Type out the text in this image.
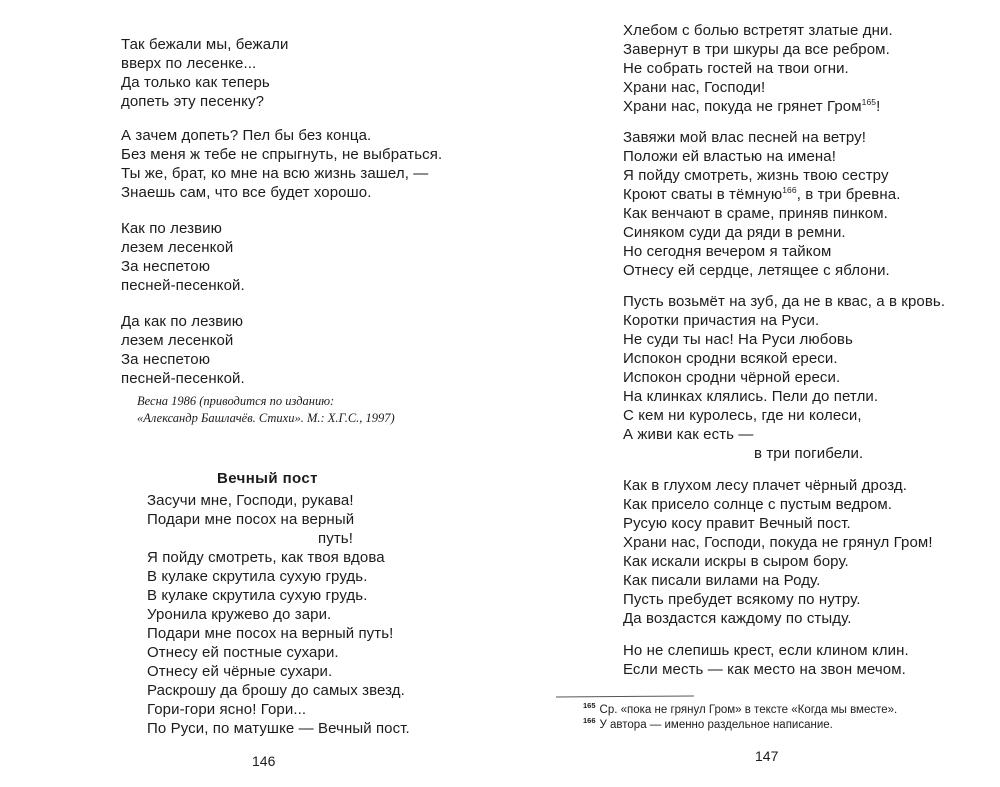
Так бежали мы, бежали
вверх по лесенке...
Да только как теперь
допеть эту песенку?
А зачем допеть? Пел бы без конца.
Без меня ж тебе не спрыгнуть, не выбраться.
Ты же, брат, ко мне на всю жизнь зашел, —
Знаешь сам, что все будет хорошо.
Как по лезвию
лезем лесенкой
За неспетою
песней-песенкой.
Да как по лезвию
лезем лесенкой
За неспетою
песней-песенкой.
Весна 1986 (приводится по изданию:
«Александр Башлачёв. Стихи». М.: Х.Г.С., 1997)
Вечный пост
Засучи мне, Господи, рукава!
Подари мне посох на верный
путь!
Я пойду смотреть, как твоя вдова
В кулаке скрутила сухую грудь.
В кулаке скрутила сухую грудь.
Уронила кружево до зари.
Подари мне посох на верный путь!
Отнесу ей постные сухари.
Отнесу ей чёрные сухари.
Раскрошу да брошу до самых звезд.
Гори-гори ясно! Гори...
По Руси, по матушке — Вечный пост.
146
Хлебом с болью встретят златые дни.
Завернут в три шкуры да все ребром.
Не собрать гостей на твои огни.
Храни нас, Господи!
Храни нас, покуда не грянет Гром$^{165}$!
Завяжи мой влас песней на ветру!
Положи ей властью на имена!
Я пойду смотреть, жизнь твою сестру
Кроют сваты в тёмную$^{166}$, в три бревна.
Как венчают в сраме, приняв пинком.
Синяком суди да ряди в ремни.
Но сегодня вечером я тайком
Отнесу ей сердце, летящее с яблони.
Пусть возьмёт на зуб, да не в квас, а в кровь.
Коротки причастия на Руси.
Не суди ты нас! На Руси любовь
Испокон сродни всякой ереси.
Испокон сродни чёрной ереси.
На клинках клялись. Пели до петли.
С кем ни куролесь, где ни колеси,
А живи как есть —
в три погибели.
Как в глухом лесу плачет чёрный дрозд.
Как присело солнце с пустым ведром.
Русую косу правит Вечный пост.
Храни нас, Господи, покуда не грянул Гром!
Как искали искры в сыром бору.
Как писали вилами на Роду.
Пусть пребудет всякому по нутру.
Да воздастся каждому по стыду.
Но не слепишь крест, если клином клин.
Если месть — как место на звон мечом.
$^{165}$ Ср. «пока не грянул Гром» в тексте «Когда мы вместе».
$^{166}$ У автора — именно раздельное написание.
147
